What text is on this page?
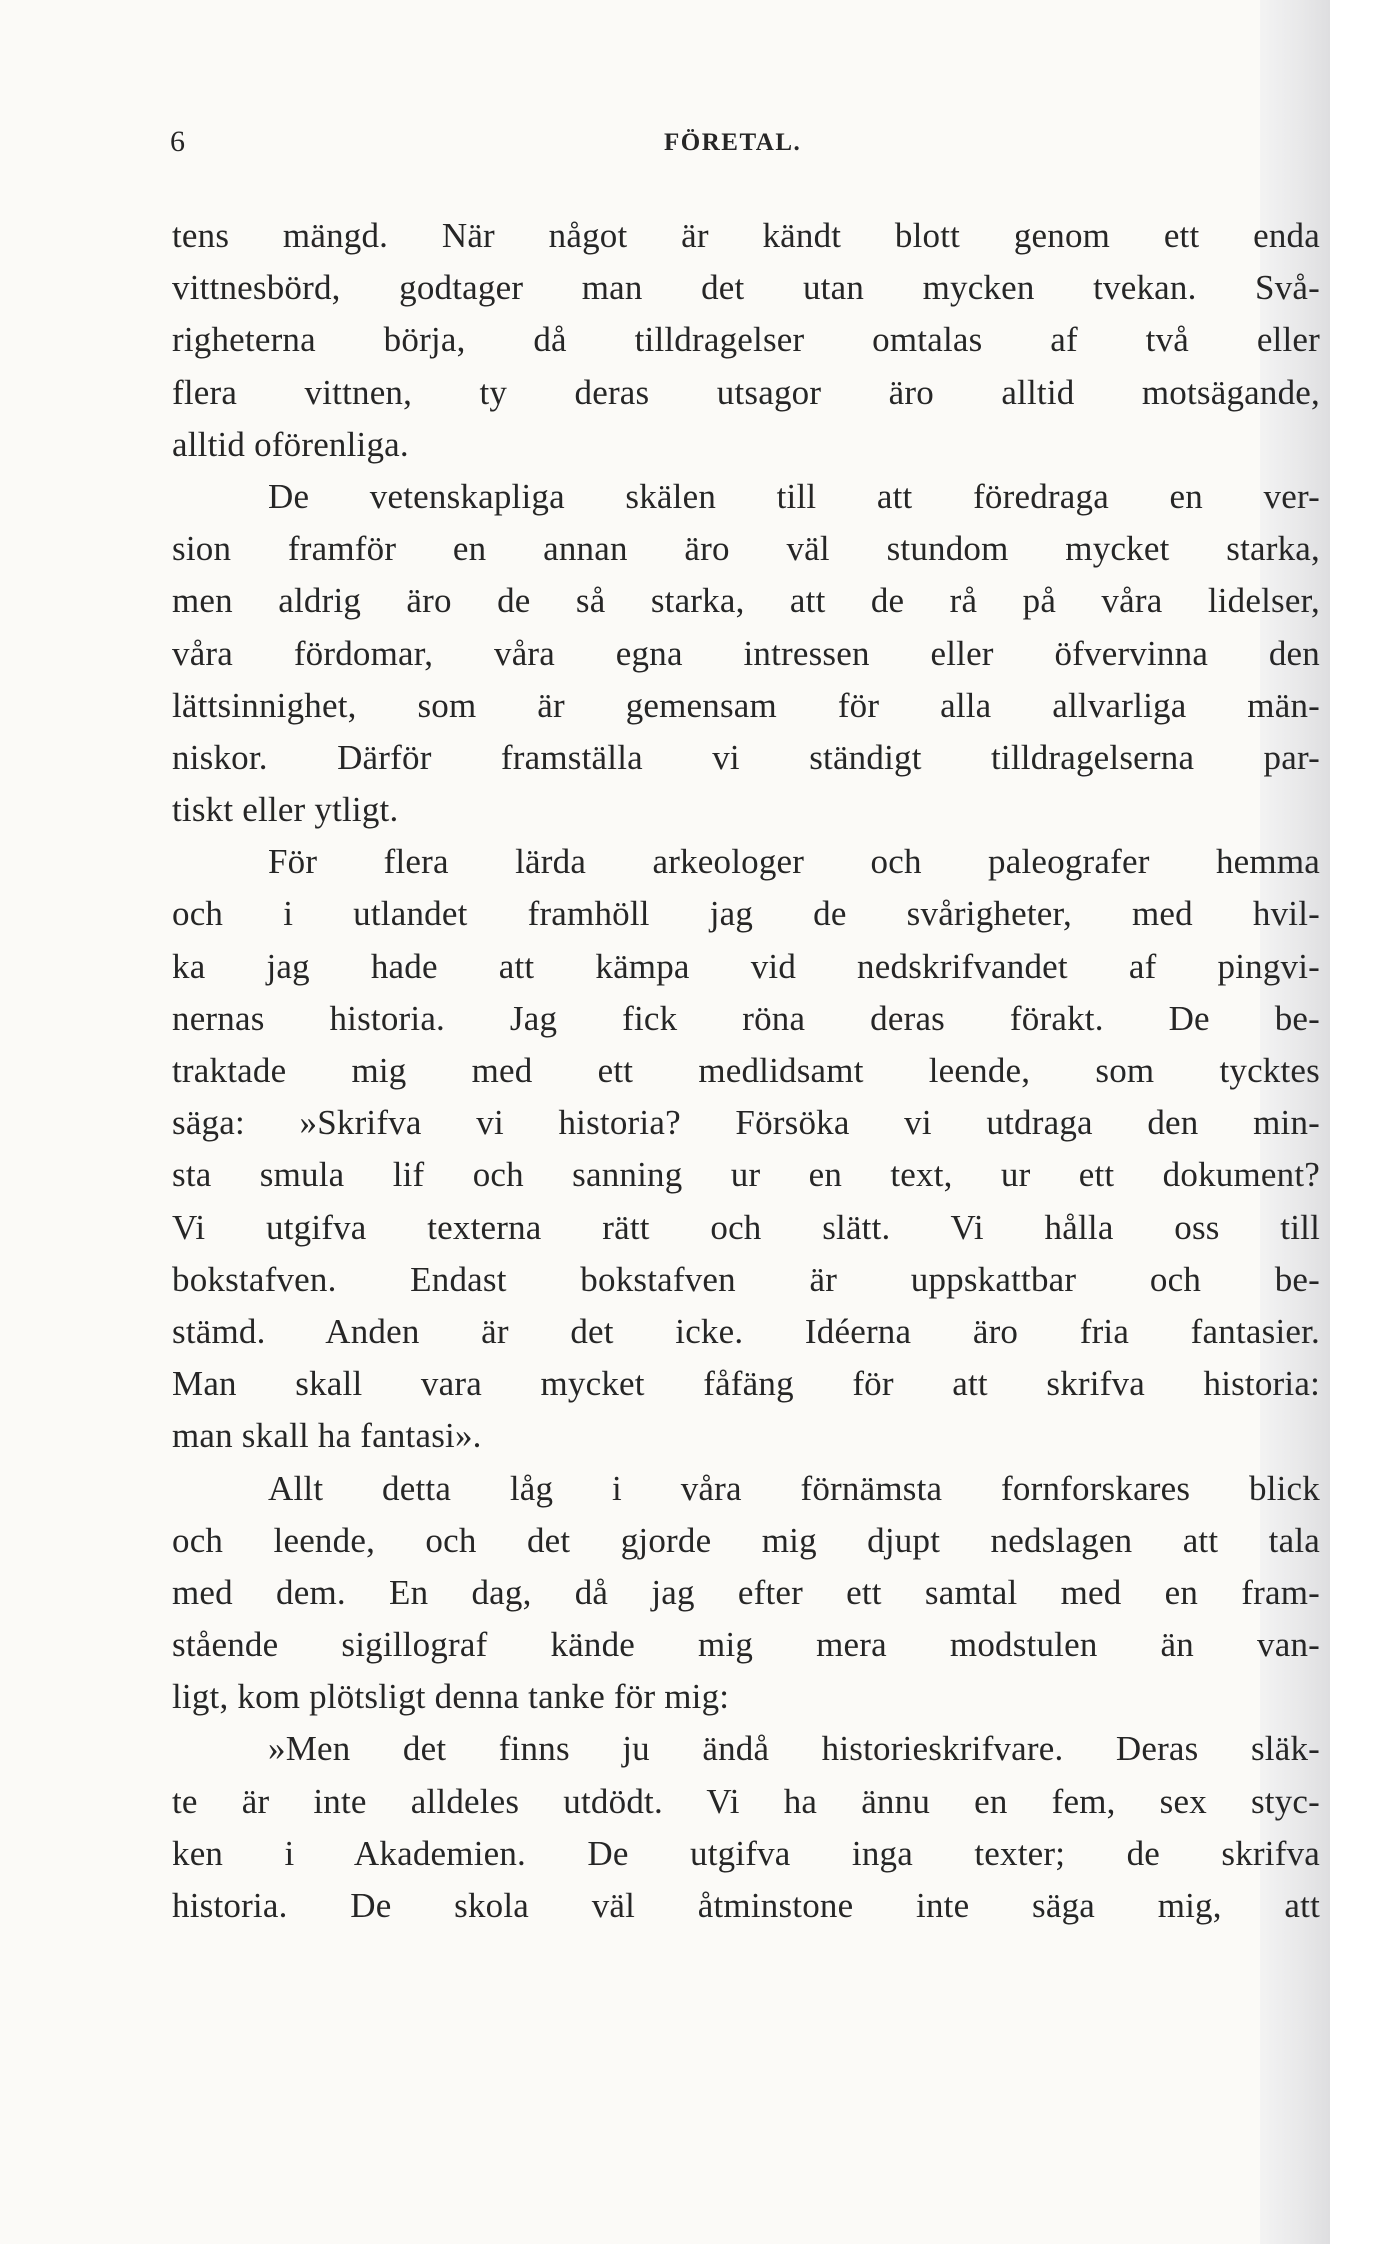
6	FÖRETAL.
tens mängd. När något är kändt blott genom ett enda
vittnesbörd, godtager man det utan mycken tvekan. Svå-
righeterna börja, då tilldragelser omtalas af två eller
flera vittnen, ty deras utsagor äro alltid motsägande,
alltid oförenliga.
De vetenskapliga skälen till att föredraga en ver-
sion framför en annan äro väl stundom mycket starka,
men aldrig äro de så starka, att de rå på våra lidelser,
våra fördomar, våra egna intressen eller öfvervinna den
lättsinnighet, som är gemensam för alla allvarliga män-
niskor. Därför framställa vi ständigt tilldragelserna par-
tiskt eller ytligt.
För flera lärda arkeologer och paleografer hemma
och i utlandet framhöll jag de svårigheter, med hvil-
ka jag hade att kämpa vid nedskrifvandet af pingvi-
nernas historia. Jag fick röna deras förakt. De be-
traktade mig med ett medlidsamt leende, som tycktes
säga: »Skrifva vi historia? Försöka vi utdraga den min-
sta smula lif och sanning ur en text, ur ett dokument?
Vi utgifva texterna rätt och slätt. Vi hålla oss till
bokstafven. Endast bokstafven är uppskattbar och be-
stämd. Anden är det icke. Idéerna äro fria fantasier.
Man skall vara mycket fåfäng för att skrifva historia:
man skall ha fantasi».
Allt detta låg i våra förnämsta fornforskares blick
och leende, och det gjorde mig djupt nedslagen att tala
med dem. En dag, då jag efter ett samtal med en fram-
stående sigillograf kände mig mera modstulen än van-
ligt, kom plötsligt denna tanke för mig:
»Men det finns ju ändå historieskrifvare. Deras släk-
te är inte alldeles utdödt. Vi ha ännu en fem, sex styc-
ken i Akademien. De utgifva inga texter; de skrifva
historia. De skola väl åtminstone inte säga mig, att
